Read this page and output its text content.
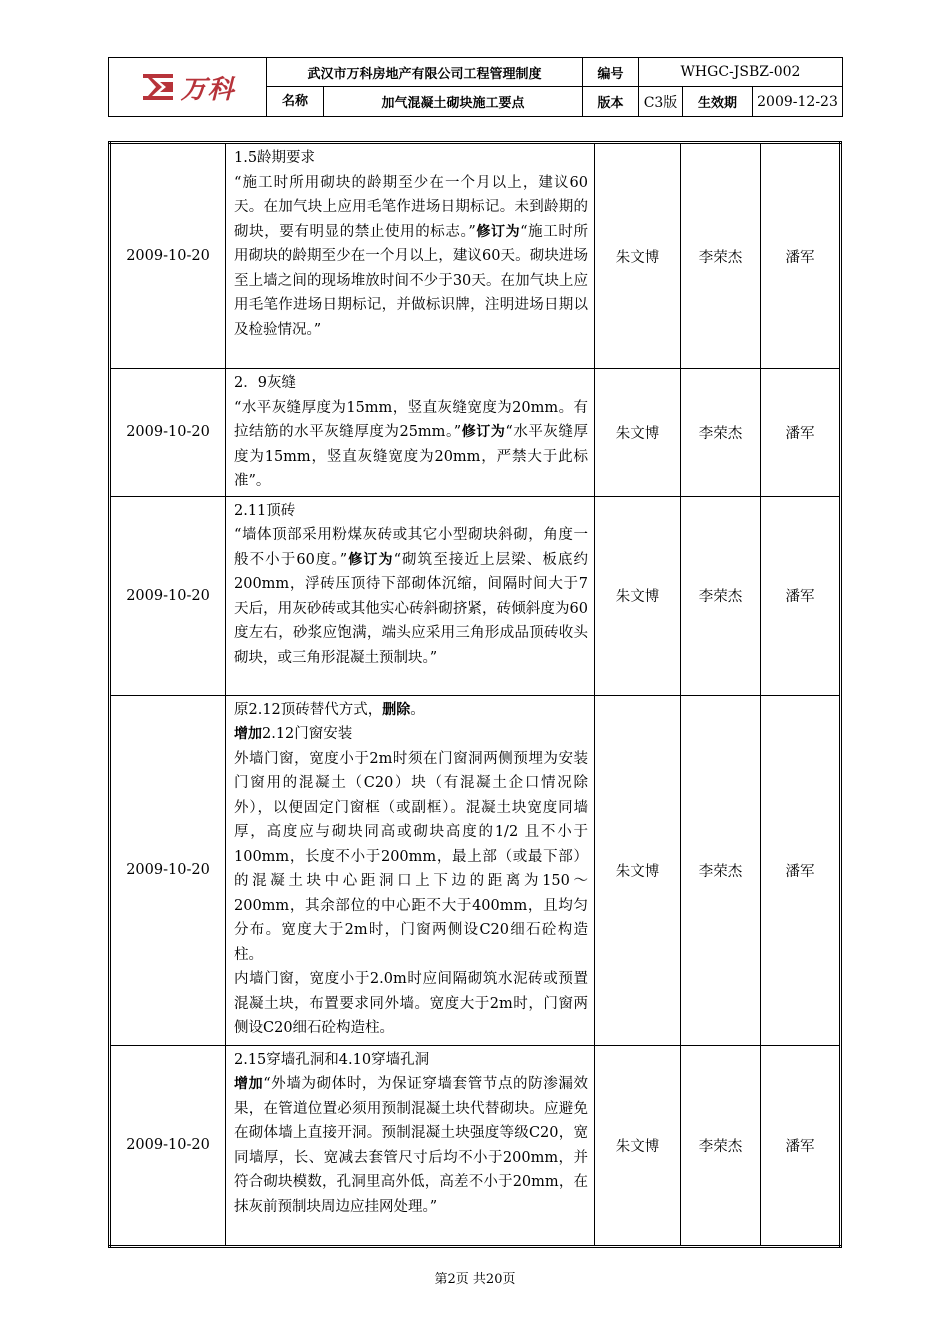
万科	武汉市万科房地产有限公司工程管理制度	编号	WHGC-JSBZ-002		

	名称 加气混凝土砌块施工要点	版本	C3版	生效期	2009-12-23
2009-10-20	1.5龄期要求

“施工时所用砌块的龄期至少在一个月以上，建议60天。在加气块上应用毛笔作进场日期标记。未到龄期的砌块，要有明显的禁止使用的标志。”修订为“施工时所用砌块的龄期至少在一个月以上，建议60天。砌块进场至上墙之间的现场堆放时间不少于30天。在加气块上应用毛笔作进场日期标记，并做标识牌，注明进场日期以及检验情况。”	朱文博	李荣杰	潘军
2009-10-20	2．9灰缝

“水平灰缝厚度为15mm，竖直灰缝宽度为20mm。有拉结筋的水平灰缝厚度为25mm。”修订为“水平灰缝厚度为15mm，竖直灰缝宽度为20mm，严禁大于此标准”。	朱文博	李荣杰	潘军
2009-10-20	2.11顶砖

“墙体顶部采用粉煤灰砖或其它小型砌块斜砌，角度一般不小于60度。”修订为“砌筑至接近上层梁、板底约200mm，浮砖压顶待下部砌体沉缩，间隔时间大于7天后，用灰砂砖或其他实心砖斜砌挤紧，砖倾斜度为60度左右，砂浆应饱满，端头应采用三角形成品顶砖收头砌块，或三角形混凝土预制块。”	朱文博	李荣杰	潘军
2009-10-20	原2.12顶砖替代方式，删除。

增加2.12门窗安装

外墙门窗，宽度小于2m时须在门窗洞两侧预埋为安装门窗用的混凝土（C20）块（有混凝土企口情况除外），以便固定门窗框（或副框）。混凝土块宽度同墙厚，高度应与砌块同高或砌块高度的1/2 且不小于100mm，长度不小于200mm，最上部（或最下部）的混凝土块中心距洞口上下边的距离为150～200mm，其余部位的中心距不大于400mm，且均匀分布。宽度大于2m时，门窗两侧设C20细石砼构造柱。

内墙门窗，宽度小于2.0m时应间隔砌筑水泥砖或预置混凝土块，布置要求同外墙。宽度大于2m时，门窗两侧设C20细石砼构造柱。	朱文博	李荣杰	潘军
2009-10-20	2.15穿墙孔洞和4.10穿墙孔洞

增加“外墙为砌体时，为保证穿墙套管节点的防渗漏效果，在管道位置必须用预制混凝土块代替砌块。应避免在砌体墙上直接开洞。预制混凝土块强度等级C20，宽同墙厚，长、宽减去套管尺寸后均不小于200mm，并符合砌块模数，孔洞里高外低，高差不小于20mm，在抹灰前预制块周边应挂网处理。”	朱文博	李荣杰	潘军
第2页 共20页
